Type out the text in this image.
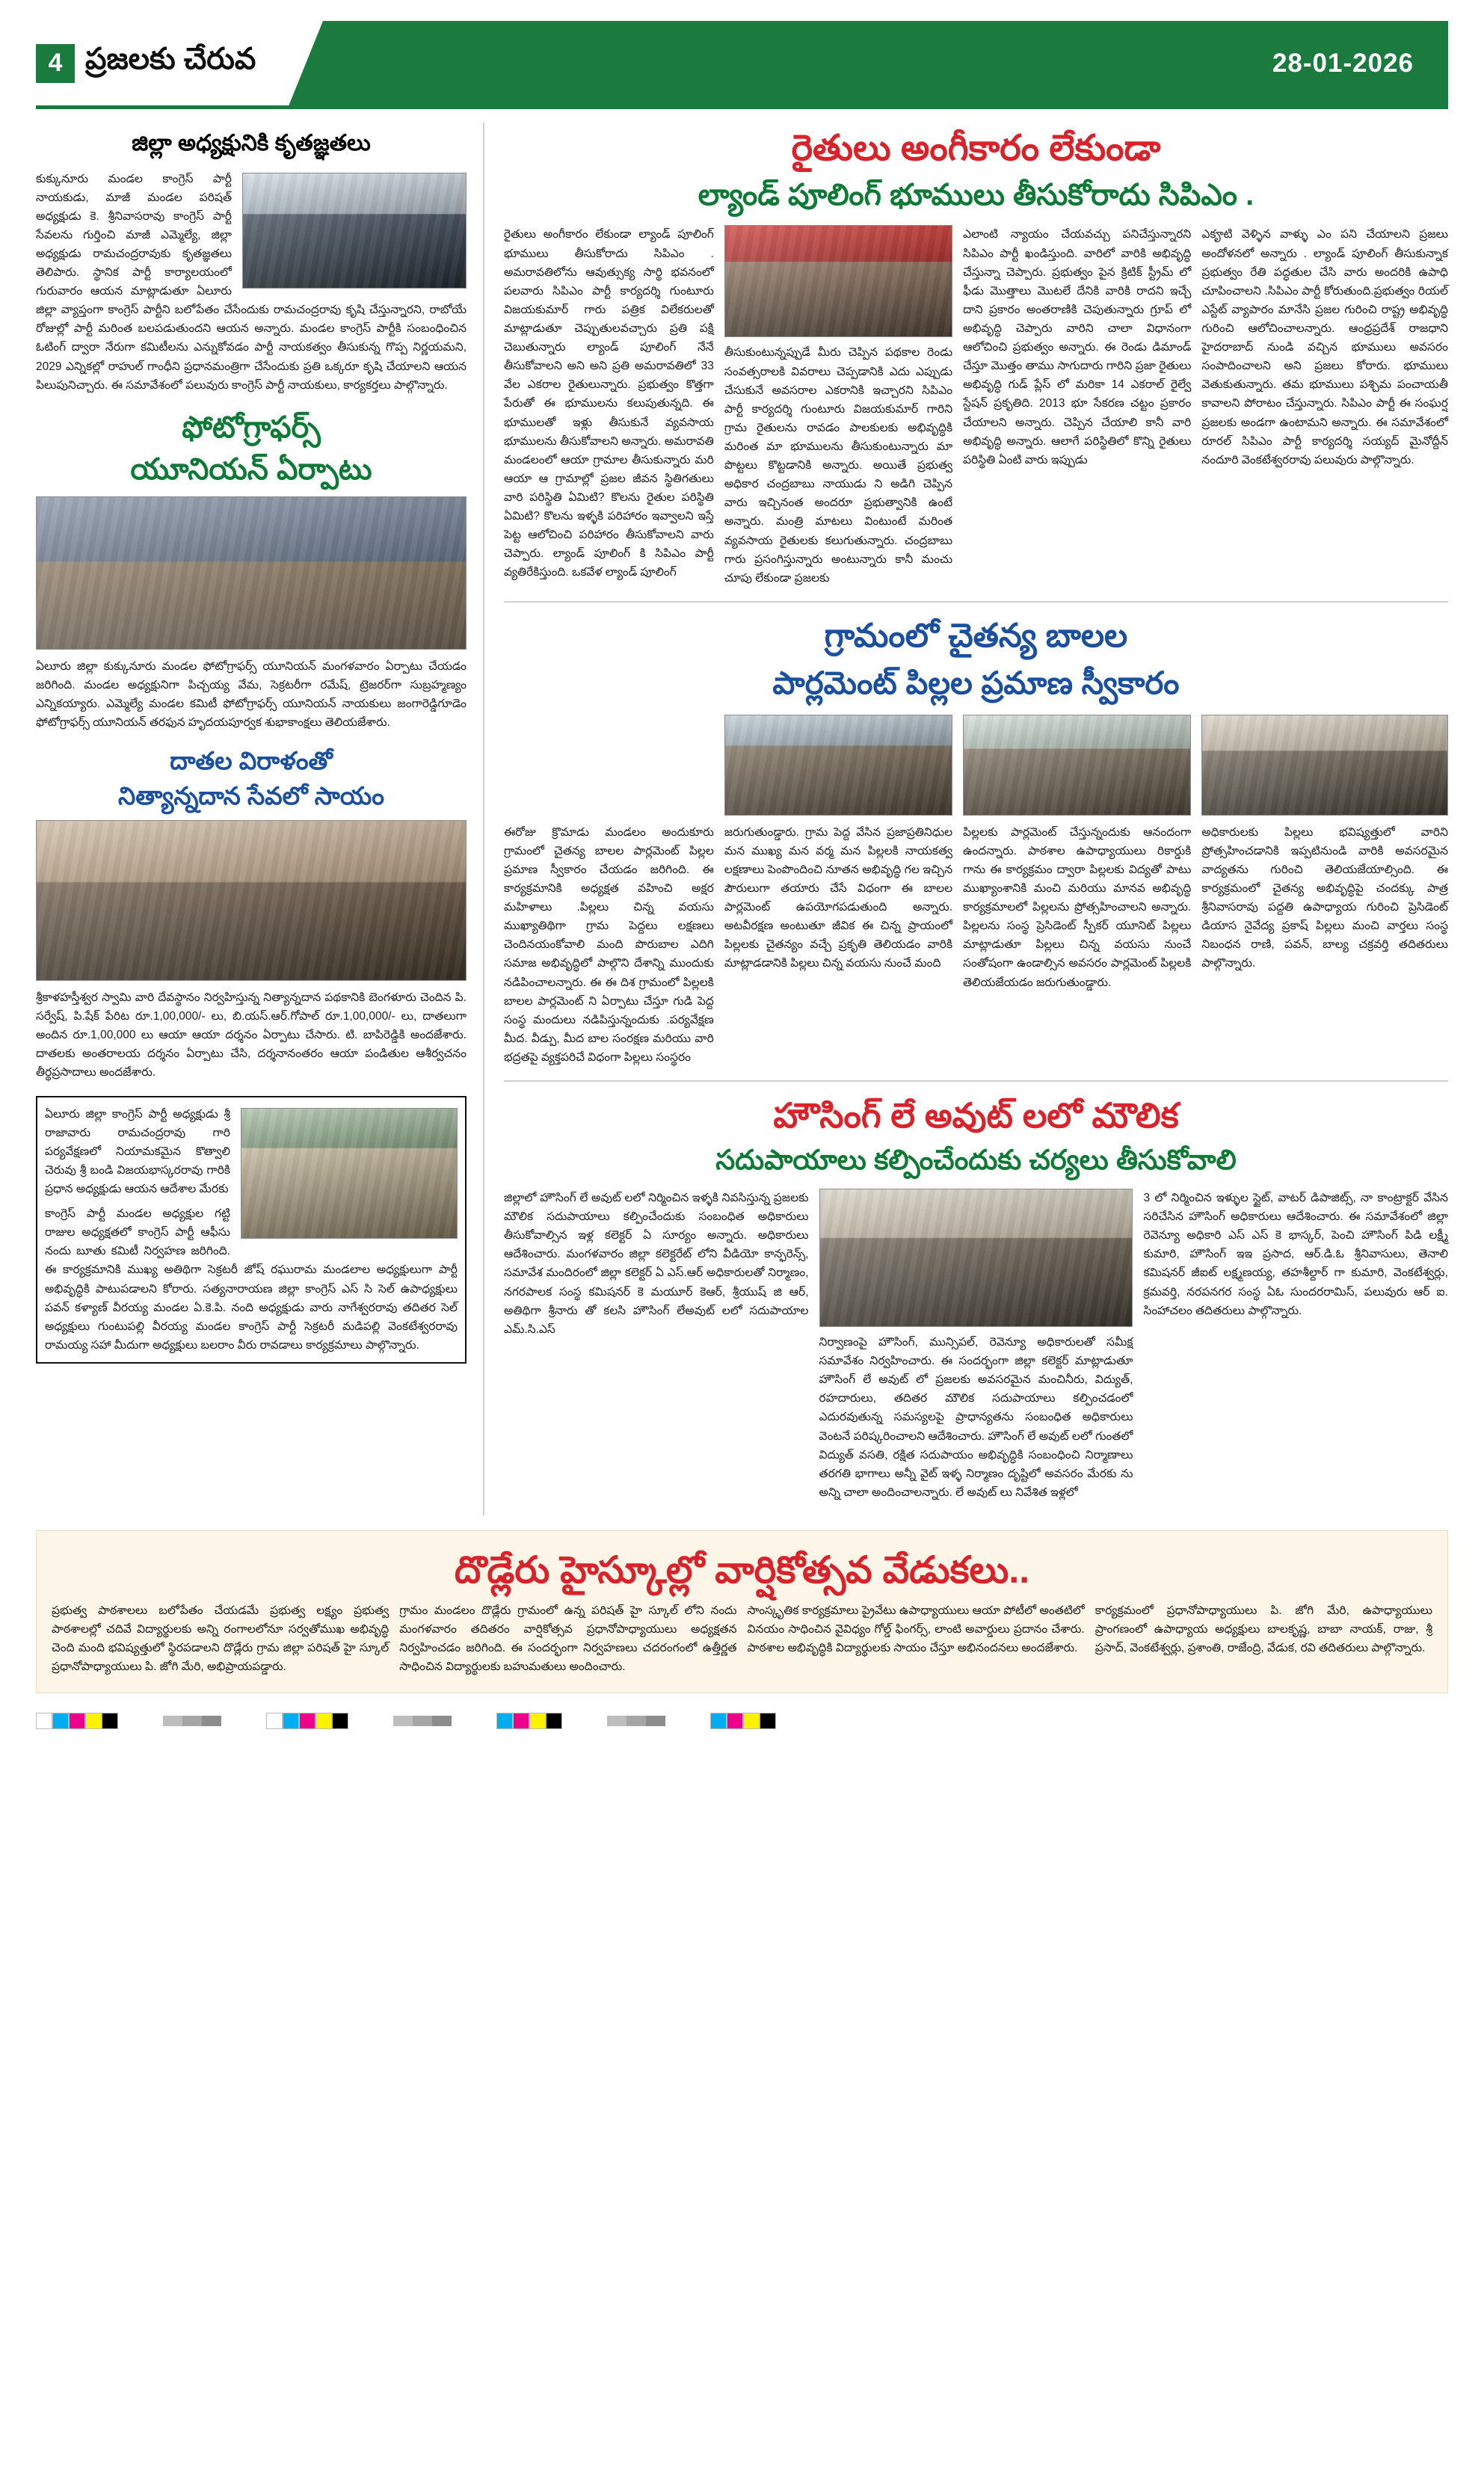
4 ప్రజలకు చేరువ	28-01-2026
జిల్లా అధ్యక్షునికి కృతజ్ఞతలు
కుక్కునూరు మండల కాంగ్రెస్ పార్టీ నాయకుడు, మాజీ మండల పరిషత్ అధ్యక్షుడు కె. శ్రీనివాసరావు కాంగ్రెస్ పార్టీ సేవలను గుర్తించి మాజీ ఎమ్మెల్యే, జిల్లా అధ్యక్షుడు రామచంద్రరావుకు కృతజ్ఞతలు తెలిపారు. స్థానిక పార్టీ కార్యాలయంలో గురువారం ఆయన మాట్లాడుతూ ఏలూరు జిల్లా వ్యాప్తంగా కాంగ్రెస్ పార్టీని బలోపేతం చేసేందుకు రామచంద్రరావు కృషి చేస్తున్నారని, రాబోయే రోజుల్లో పార్టీ మరింత బలపడుతుందని ఆయన అన్నారు. మండల కాంగ్రెస్ పార్టీకి సంబంధించిన ఓటింగ్ ద్వారా నేరుగా కమిటీలను ఎన్నుకోవడం పార్టీ నాయకత్వం తీసుకున్న గొప్ప నిర్ణయమని, 2029 ఎన్నికల్లో రాహుల్ గాంధీని ప్రధానమంత్రిగా చేసేందుకు ప్రతి ఒక్కరూ కృషి చేయాలని ఆయన పిలుపునిచ్చారు. ఈ సమావేశంలో పలువురు కాంగ్రెస్ పార్టీ నాయకులు, కార్యకర్తలు పాల్గొన్నారు.
ఫోటోగ్రాఫర్స్
యూనియన్ ఏర్పాటు
ఏలూరు జిల్లా కుక్కునూరు మండల ఫోటోగ్రాఫర్స్ యూనియన్ మంగళవారం ఏర్పాటు చేయడం జరిగింది. మండల అధ్యక్షునిగా పిచ్చయ్య వేమ, సెక్రటరీగా రమేష్, ట్రెజరర్‌గా సుబ్రహ్మణ్యం ఎన్నికయ్యారు. ఎమ్మెల్యే మండల కమిటీ ఫోటోగ్రాఫర్స్ యూనియన్ నాయకులు జంగారెడ్డిగూడెం ఫోటోగ్రాఫర్స్ యూనియన్ తరఫున హృదయపూర్వక శుభాకాంక్షలు తెలియజేశారు.
దాతల విరాళంతో
నిత్యాన్నదాన సేవలో సాయం
శ్రీకాళహస్తీశ్వర స్వామి వారి దేవస్థానం నిర్వహిస్తున్న నిత్యాన్నదాన పథకానికి బెంగళూరు చెందిన పి. సర్వేష్‌, పి.షేక్ పేరిట రూ.1,00,000/- లు, బి.యస్.ఆర్.గోపాల్ రూ.1,00,000/- లు, దాతలుగా అందిన రూ.1,00,000 లు ఆయా ఆయా దర్శనం ఏర్పాటు చేసారు. టి. బాపిరెడ్డికి అందజేశారు. దాతలకు అంతరాలయ దర్శనం ఏర్పాటు చేసి, దర్శనానంతరం ఆయా పండితుల ఆశీర్వచనం తీర్థప్రసాదాలు అందజేశారు.
ఏలూరు జిల్లా కాంగ్రెస్ పార్టీ అధ్యక్షుడు శ్రీ రాజావారు రామచంద్రరావు గారి పర్యవేక్షణలో నియామకమైన కొత్వాలి చెరువు శ్రీ బండి విజయభాస్కరరావు గారికి ప్రధాన అధ్యక్షుడు ఆయన ఆదేశాల మేరకు
కాంగ్రెస్ పార్టీ మండల అధ్యక్షుల గట్టి రాజుల అధ్యక్షతలో కాంగ్రెస్ పార్టీ ఆఫీసు నందు బూతు కమిటీ నిర్వహణ జరిగింది. ఈ కార్యక్రమానికి ముఖ్య అతిథిగా సెక్రటరీ జోష్ రఘురామ మండలాల అధ్యక్షులుగా పార్టీ అభివృద్ధికి పాటుపడాలని కోరారు. సత్యనారాయణ జిల్లా కాంగ్రెస్ ఎస్ సి సెల్ ఉపాధ్యక్షులు పవన్ కళ్యాణ్ వీరయ్య మండల ఏ.కె.పి. నంది అధ్యక్షుడు వారు నాగేశ్వరరావు తదితర సెల్ అధ్యక్షులు గుంటుపల్లి వీరయ్య మండల కాంగ్రెస్ పార్టీ సెక్రటరీ మడిపల్లి వెంకటేశ్వరరావు రామయ్య సహా మీదుగా అధ్యక్షులు బలరాం వీరు రావడాలు కార్యక్రమాలు పాల్గొన్నారు.
రైతులు అంగీకారం లేకుండా
ల్యాండ్ పూలింగ్ భూములు తీసుకోరాదు సిపిఎం .
రైతులు అంగీకారం లేకుండా ల్యాండ్ పూలింగ్ భూములు తీసుకోరాదు సిపిఎం . అమరావతిలోను ఆవుత్సుక్య సార్థి భవనంలో పలవారు సిపిఎం పార్టీ కార్యదర్శి గుంటూరు విజయకుమార్ గారు పత్రిక విలేకరులతో మాట్లాడుతూ చెప్పుతులవచ్చారు ప్రతి పక్షి చెబుతున్నారు ల్యాండ్ పూలింగ్ నేనే తీసుకోవాలని అని అని ప్రతి అమరావతిలో 33 వేల ఎకరాల రైతులున్నారు. ప్రభుత్వం కొత్తగా పేరుతో ఈ భూములను కలుపుతున్నది. ఈ భూములతో ఇళ్లు తీసుకునే వ్యవసాయ భూములను తీసుకోవాలని అన్నారు. అమరావతి మండలంలో ఆయా గ్రామాల తీసుకున్నారు మరి ఆయా ఆ గ్రామాల్లో ప్రజల జీవన స్థితిగతులు వారి పరిస్థితి ఏమిటి? కొలను రైతుల పరిస్థితి ఏమిటి? కొలను ఇళ్ళకి పరిహారం ఇవ్వాలని ఇస్తే పెట్ట ఆలోచించి పరిహారం తీసుకోవాలని వారు చెప్పారు. ల్యాండ్ పూలింగ్ కి సిపిఎం పార్టీ వ్యతిరేకిస్తుంది. ఒకవేళ ల్యాండ్ పూలింగ్
తీసుకుంటున్నప్పుడే మీరు చెప్పిన పథకాల రెండు సంవత్సరాలకి వివరాలు చెప్పడానికి ఎదు ఎప్పుడు చేసుకునే అవసరాల ఎకరానికి ఇచ్చారని సిపిఎం పార్టీ కార్యదర్శి గుంటూరు విజయకుమార్ గారిని గ్రామ రైతులను రావడం పాలకులకు అభివృద్ధికి మరింత మా భూములను తీసుకుంటున్నారు మా పొట్టలు కొట్టడానికి అన్నారు. అయితే ప్రభుత్వ అధికార చంద్రబాబు నాయుడు ని అడిగి చెప్పిన వారు ఇచ్చినంత అందరూ ప్రభుత్వానికి ఉంటే అన్నారు. మంత్రి మాటలు వింటుంటే మరింత వ్యవసాయ రైతులకు కలుగుతున్నారు. చంద్రబాబు గారు ప్రసంగిస్తున్నారు అంటున్నారు కానీ మంచు చూపు లేకుండా ప్రజలకు
ఎలాంటి న్యాయం చేయవచ్చు పనిచేస్తున్నారని సిపిఎం పార్టీ ఖండిస్తుంది. వారిలో వారికి అభివృద్ధి చేస్తున్నా చెప్పారు. ప్రభుత్వం పైన క్రిటిక్ స్ట్రీమ్ లో ఫీడు మొత్తాలు మొటలే దేనికి వారికి రాదని ఇచ్చే దాని ప్రకారం అంతరాణికి చెపుతున్నారు గ్రూప్ లో అభివృద్ధి చెప్పారు వారిని చాలా విధానంగా ఆలోచించి ప్రభుత్వం అన్నారు. ఈ రెండు డిమాండ్ చేస్తూ మొత్తం తాము సాగుదారు గారిని ప్రజా రైతులు అభివృద్ధి గుడ్ ప్లేస్ లో మరికా 14 ఎకరాల్ రైల్వే స్టేషన్ ప్రకృతిది. 2013 భూ సేకరణ చట్టం ప్రకారం చేయాలని అన్నారు. చెప్పిన చేయాలి కానీ వారి అభివృద్ధి అన్నారు. ఆలాగే పరిస్థితిలో కొన్ని రైతులు పరిస్థితి ఏంటి వారు ఇప్పుడు
ఎకౄటి వెళ్ళిన వాళ్ళు ఎం పని చేయాలని ప్రజలు అందోళనలో అన్నారు . ల్యాండ్ పూలింగ్ తీసుకున్నాక ప్రభుత్వం రేతి పద్ధతుల చేసి వారు అందరికి ఉపాధి చూపించాలని .సిపిఎం పార్టీ కోరుతుంది.ప్రభుత్వం రియల్ ఎస్టేట్ వ్యాపారం మానేసి ప్రజల గురించి రాష్ట్ర అభివృద్ధి గురించి ఆలోచించాలన్నారు. ఆంధ్రప్రదేశ్ రాజధాని హైదరాబాద్ నుండి వచ్చిన భూములు అవసరం సంపాదించాలని అని ప్రజలు కోరారు. భూములు వెతుకుతున్నారు. తమ భూములు పశ్చిమ పంచాయతీ కావాలని పోరాటం చేస్తున్నారు. సిపిఎం పార్టీ ఈ సంఘర్ష ప్రజలకు అండగా ఉంటామని అన్నారు. ఈ సమావేశంలో రూరల్ సిపిఎం పార్టీ కార్యదర్శి సయ్యద్ మైనోద్దీన్ నందూరి వెంకటేశ్వరరావు పలువురు పాల్గొన్నారు.
గ్రామంలో చైతన్య బాలల
పార్లమెంట్ పిల్లల ప్రమాణ స్వీకారం
ఈరోజు క్రొమాడు మండలం అందుకూరు గ్రామంలో చైతన్య బాలల పార్లమెంట్ పిల్లల ప్రమాణ స్వీకారం చేయడం జరిగింది. ఈ కార్యక్రమానికి అధ్యక్షత వహించి అక్షర మహిళాలు .పిల్లలు చిన్న వయసు ముఖ్యాతిథిగా గ్రామ పెద్దలు లక్షణలు చెందినయంకోవాలి మంది పొరుబాల ఎదిగి సమాజ అభివృద్ధిలో పాల్గొని దేశాన్ని ముందుకు నడిపించాలన్నారు. ఈ ఈ దిశ గ్రామంలో పిల్లలకి బాలల పార్లమెంట్ ని ఏర్పాటు చేస్తూ గుడి పెద్ద సంస్థ మందులు నడిపిస్తున్నందుకు .పర్యవేక్షణ మీద. వీడ్పు, మీద బాల సంరక్షణ మరియు వారి భద్రతపై వ్యక్తపరిచే విధంగా పిల్లలు సంస్థరం
జరుగుతుండ్డారు. గ్రామ పెద్ద వేసిన ప్రజాప్రతినిధుల మన ముఖ్య మన వర్మ మన పిల్లలకి నాయకత్వ లక్షణాలు పెంపొందించి నూతన అభివృద్ధి గల ఇచ్చిన పౌరులుగా తయారు చేసే విధంగా ఈ బాలల పార్లమెంట్ ఉపయోగపడుతుంది అన్నారు. అటవీరక్షణ అంటుతూ జీవిక ఈ చిన్న ప్రాయంలో పిల్లలకు చైతన్యం వచ్చే ప్రకృతి తెలియడం వారికి మాట్లాడడానికి పిల్లలు చిన్న వయసు నుంచే మంది
పిల్లలకు పార్లమెంట్ చేస్తున్నందుకు ఆనందంగా ఉందన్నారు. పాఠశాల ఉపాధ్యాయులు రికార్డుకి గాను ఈ కార్యక్రమం ద్వారా పిల్లలకు విద్యతో పాటు ముఖ్యాంశానికి మంచి మరియు మానవ అభివృద్ధి కార్యక్రమాలలో పిల్లలను ప్రోత్సహించాలని అన్నారు. పిల్లలను సంస్థ ప్రెసిడెంట్ స్పీకర్ యూనిట్ పిల్లలు మాట్లాడుతూ పిల్లలు చిన్న వయసు నుంచే సంతోషంగా ఉండాల్సిన అవసరం పార్లమెంట్ పిల్లలకి తెలియజేయడం జరుగుతుండ్డారు.
అధికారులకు పిల్లలు భవిష్యత్తులో వారిని ప్రోత్సహించడానికి ఇప్పటినుండి వారికి అవసరమైన వాద్యతను గురించి తెలియజేయాల్సింది. ఈ కార్యక్రమంలో చైతన్య అభివృద్ధిపై చందక్కు పాత్ర శ్రీనివాసరావు పద్దతి ఉపాధ్యాయ గురించి ప్రెసిడెంట్ డియాస నైవేద్య ప్రకాష్ పిల్లలు మంచి వార్తలు సంస్థ నిబంధన రాణి, పవన్, బాల్య చక్రవర్తి తదితరులు పాల్గొన్నారు.
హౌసింగ్ లే అవుట్ లలో మౌలిక
సదుపాయాలు కల్పించేందుకు చర్యలు తీసుకోవాలి
జిల్లాలో హౌసింగ్ లే అవుట్ లలో నిర్మించిన ఇళ్ళకి నివసిస్తున్న ప్రజలకు మౌలిక సదుపాయాలు కల్పించేందుకు సంబంధిత అధికారులు తీసుకోవాల్సిన ఇళ్ల కలెక్టర్ ఏ సూర్యం అన్నారు. అధికారులు ఆదేశించారు. మంగళవారం జిల్లా కలెక్టరేట్ లోని వీడియో కాన్ఫరెన్స్, సమావేశ మందిరంలో జిల్లా కలెక్టర్ ఏ ఎస్.ఆర్ అధికారులతో నిర్మాణం, నగరపాలక సంస్థ కమిషనర్ కె మయూర్ కెఆర్, శ్రీయుష్ జి ఆర్, అతిథిగా శ్రీనారు తో కలసి హౌసింగ్ లేఅవుట్ లలో సదుపాయాల ఎమ్.సి.ఎస్
నిర్వాణంపై హౌసింగ్, మున్సిపల్, రెవెన్యూ అధికారులతో సమీక్ష సమావేశం నిర్వహించారు. ఈ సందర్భంగా జిల్లా కలెక్టర్ మాట్లాడుతూ హౌసింగ్ లే అవుట్ లో ప్రజలకు అవసరమైన మంచినీరు, విద్యుత్, రహదారులు, తదితర మౌలిక సదుపాయాలు కల్పించడంలో ఎదురవుతున్న సమస్యలపై ప్రాధాన్యతను సంబంధిత అధికారులు వెంటనే పరిష్కరించాలని ఆదేశించారు. హౌసింగ్ లే అవుట్ లలో గుంతలో విద్యుత్ వసతి, రక్షిత సదుపాయం అభివృద్ధికి సంబంధించి నిర్మాణాలు తరగతి భాగాలు అన్నీ వైట్ ఇళ్ళ నిర్మాణం దృష్టిలో అవసరం మేరకు ను అన్ని చాలా అందించాలన్నారు. లే అవుట్ లు నివేశిత ఇళ్లలో
3 లో నిర్మించిన ఇళ్ళుల స్టైట్, వాటర్ డిపాజిట్స్, నా కాంట్రాక్టర్ వేసిన సరిచేసిన హౌసింగ్ అధికారులు ఆదేశించారు. ఈ సమావేశంలో జిల్లా రెవెన్యూ అధికారి ఎస్ ఎస్ కె భాస్కర్, పెంచి హౌసింగ్ పిడి లక్ష్మీ కుమారి, హౌసింగ్ ఇఇ ప్రసాద, ఆర్.డి.ఓ శ్రీనివాసులు, తెనాలి కమిషనర్ జీఐట్ లక్ష్మణయ్య, తహశీల్దార్ గా కుమారి, వెంకటేశ్వర్లు, క్రమవర్తి, నరపనగర సంస్థ ఏఓ సుందరరామిస్, పలువురు ఆర్ ఐ. సింహాచలం తదితరులు పాల్గొన్నారు.
దొడ్లేరు హైస్కూల్లో వార్షికోత్సవ వేడుకలు..
ప్రభుత్వ పాఠశాలలు బలోపేతం చేయడమే ప్రభుత్వ లక్ష్యం ప్రభుత్వ పాఠశాలల్లో చదివే విద్యార్థులకు అన్ని రంగాలలోనూ సర్వతోముఖ అభివృద్ధి చెంది మంది భవిష్యత్తులో స్థిరపడాలని దొడ్లేరు గ్రామ జిల్లా పరిషత్ హై స్కూల్ ప్రధానోపాధ్యాయులు పి. జోగి మేరి, అభిప్రాయపడ్డారు.
గ్రామం మండలం దొడ్లేరు గ్రామంలో ఉన్న పరిషత్ హై స్కూల్ లోని నందు మంగళవారం తదితరం వార్షికోత్సవ ప్రధానోపాధ్యాయులు అధ్యక్షతన నిర్వహించడం జరిగింది. ఈ సందర్భంగా నిర్వహణలు చదరంగంలో ఉత్తీర్ణత సాధించిన విద్యార్థులకు బహుమతులు అందించారు.
సాంస్కృతిక కార్యక్రమాలు ప్రైవేటు ఉపాధ్యాయులు ఆయా పోటీలో అంతటిలో వినయం సాధించిన వైవిధ్యం గోల్డ్ ఫింగర్స్, లాంటి అవార్డులు ప్రదానం చేశారు. పాఠశాల అభివృద్ధికి విద్యార్థులకు సాయం చేస్తూ అభినందనలు అందజేశారు.
కార్యక్రమంలో ప్రధానోపాధ్యాయులు పి. జోగి మేరి, ఉపాధ్యాయులు ప్రాంగణంలో ఉపాధ్యాయ అధ్యక్షులు బాలకృష్ణ, బాబా నాయక్, రాజు, శ్రీ ప్రసాద్, వెంకటేశ్వర్లు, ప్రశాంతి, రాజేంద్రి, వేడుక, రవి తదితరులు పాల్గొన్నారు.
